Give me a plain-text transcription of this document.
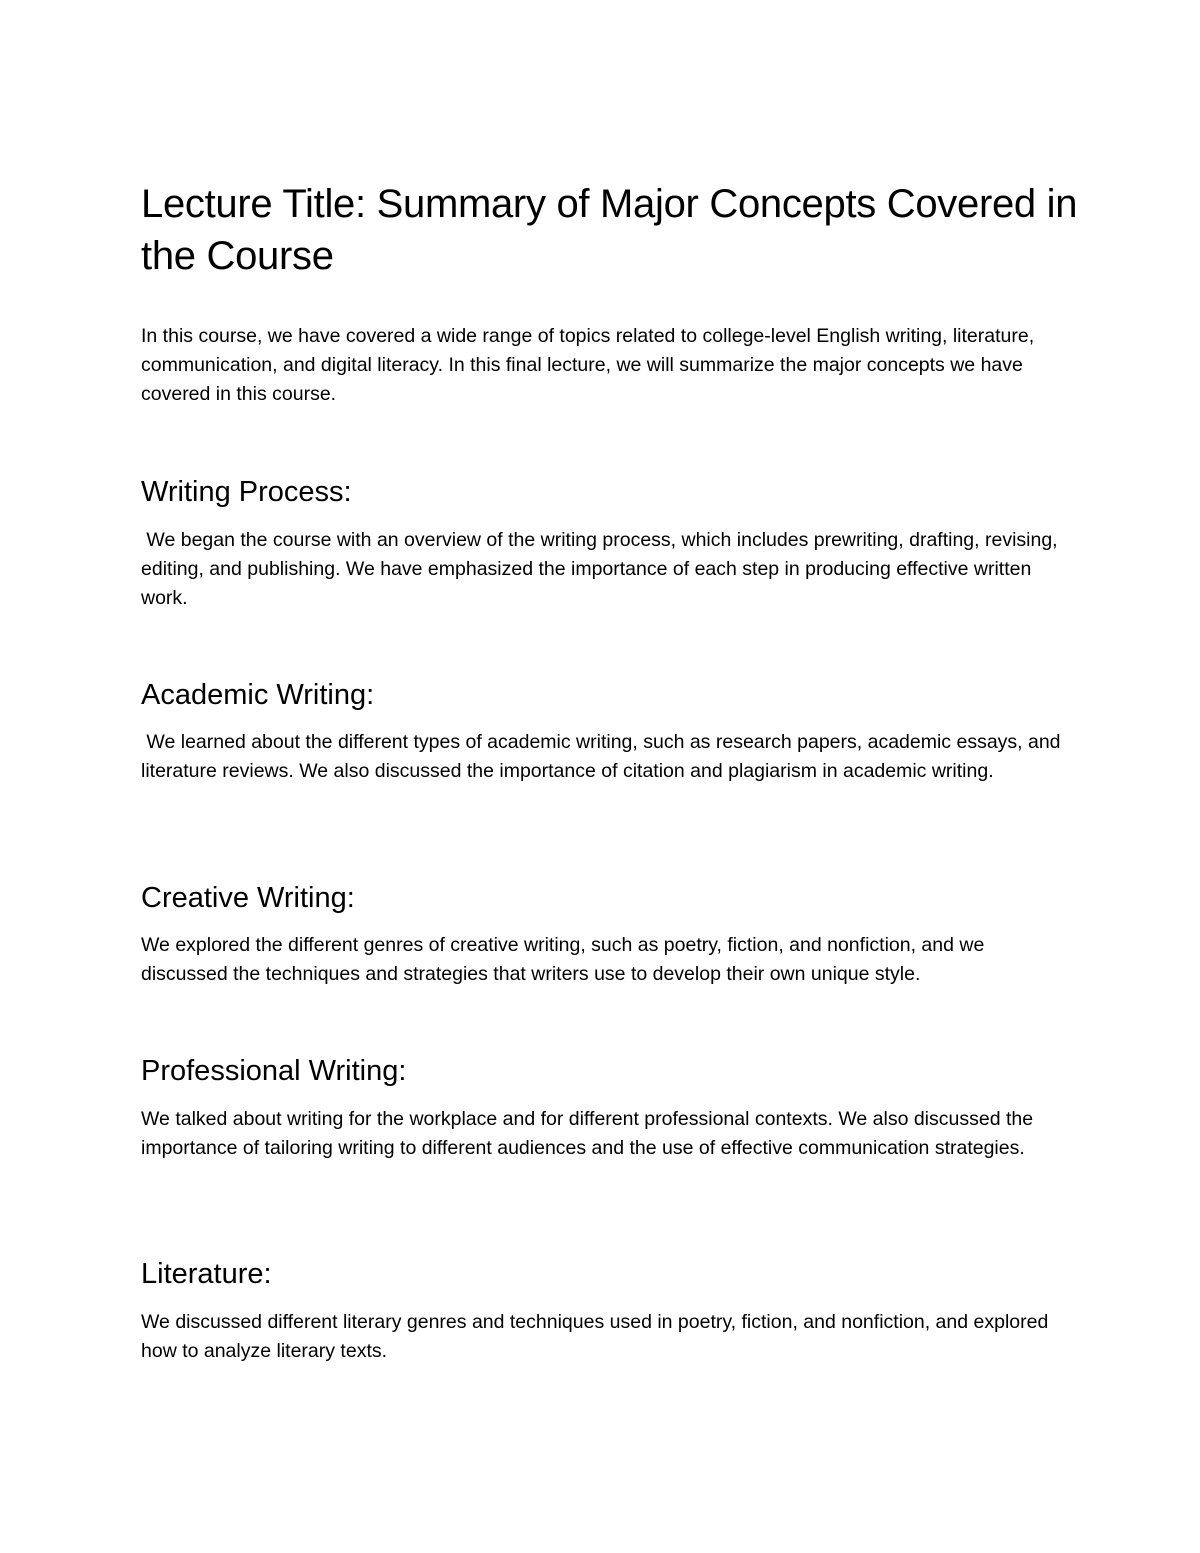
Lecture Title: Summary of Major Concepts Covered in the Course

In this course, we have covered a wide range of topics related to college-level English writing, literature, communication, and digital literacy. In this final lecture, we will summarize the major concepts we have covered in this course.

Writing Process:

We began the course with an overview of the writing process, which includes prewriting, drafting, revising, editing, and publishing. We have emphasized the importance of each step in producing effective written work.

Academic Writing:

We learned about the different types of academic writing, such as research papers, academic essays, and literature reviews. We also discussed the importance of citation and plagiarism in academic writing.

Creative Writing:

We explored the different genres of creative writing, such as poetry, fiction, and nonfiction, and we discussed the techniques and strategies that writers use to develop their own unique style.

Professional Writing:

We talked about writing for the workplace and for different professional contexts. We also discussed the importance of tailoring writing to different audiences and the use of effective communication strategies.

Literature:

We discussed different literary genres and techniques used in poetry, fiction, and nonfiction, and explored how to analyze literary texts.
